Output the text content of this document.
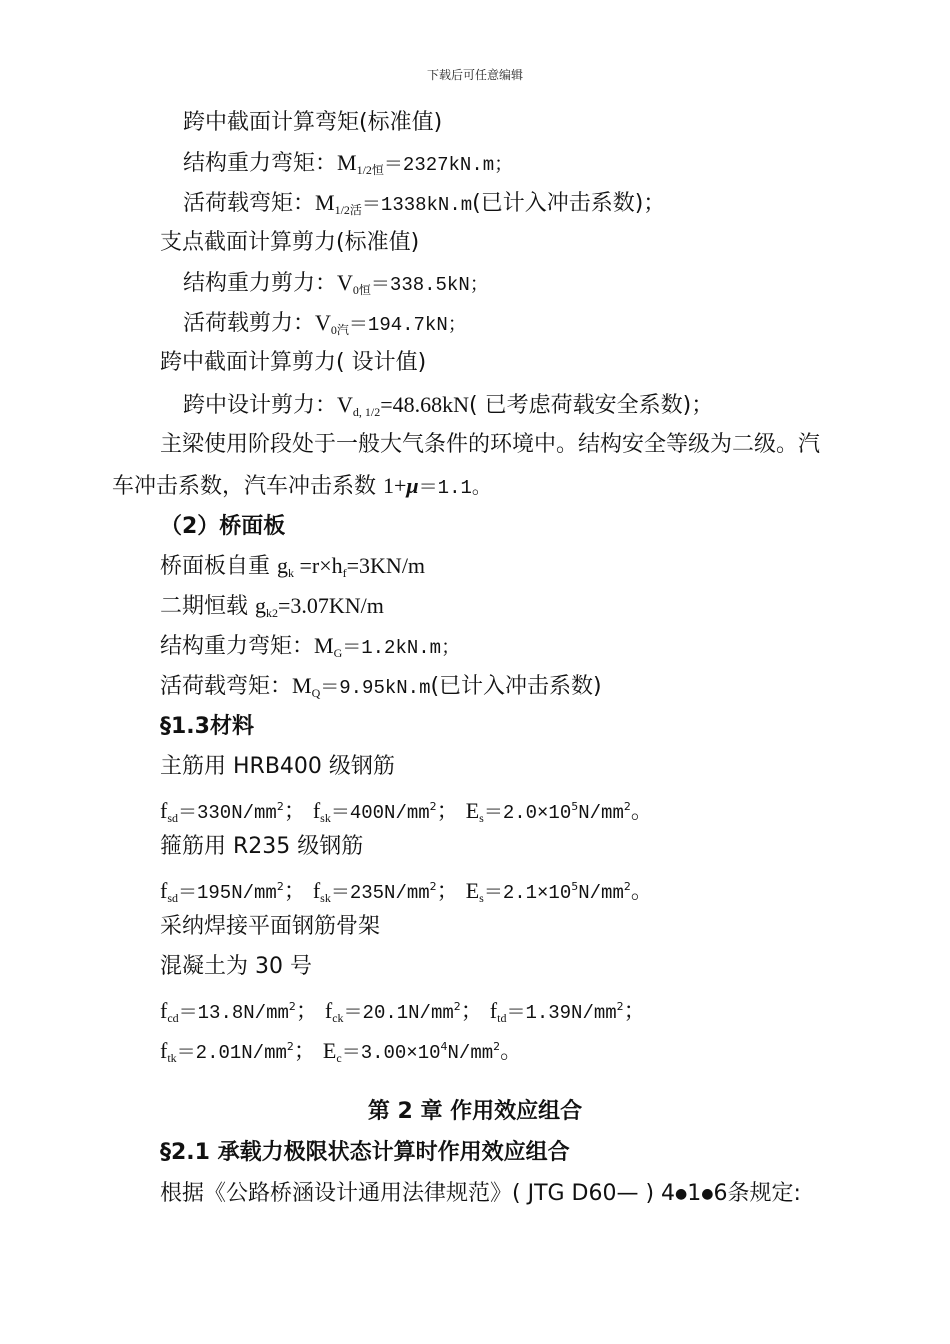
下载后可任意编辑
跨中截面计算弯矩(标准值)
结构重力弯矩：$M_{1/2恒}=2327kN.m$；
活荷载弯矩：$M_{1/2活}=1338kN.m$(已计入冲击系数)；
支点截面计算剪力(标准值)
结构重力剪力：$V_{0恒}=338.5kN$；
活荷载剪力：$V_{0汽}=194.7kN$；
跨中截面计算剪力( 设计值)
跨中设计剪力：$V_{d, 1/2}=48.68kN$( 已考虑荷载安全系数)；
主梁使用阶段处于一般大气条件的环境中。结构安全等级为二级。汽
车冲击系数，汽车冲击系数 1+μ＝1.1。
（2）桥面板
桥面板自重 $g_k =r\times h_f=3KN/m$
二期恒载 $g_{k2}=3.07KN/m$
结构重力弯矩：$M_G=1.2kN.m$；
活荷载弯矩：$M_Q=9.95kN.m$(已计入冲击系数)
§1.3材料
主筋用 HRB400 级钢筋
$f_{sd}=330N/mm^2$； $f_{sk}=400N/mm^2$； $E_s=2.0\times 10^5N/mm^2$。
箍筋用 R235 级钢筋
$f_{sd}=195N/mm^2$； $f_{sk}=235N/mm^2$； $E_s=2.1\times 10^5N/mm^2$。
采纳焊接平面钢筋骨架
混凝土为 30 号
$f_{cd}=13.8N/mm^2$； $f_{ck}=20.1N/mm^2$； $f_{td}=1.39N/mm^2$；
$f_{tk}=2.01N/mm^2$； $E_c=3.00\times 10^4N/mm^2$。
第 2 章 作用效应组合
§2.1 承载力极限状态计算时作用效应组合
根据《公路桥涵设计通用法律规范》( JTG D60— ) 4●1●6条规定:
